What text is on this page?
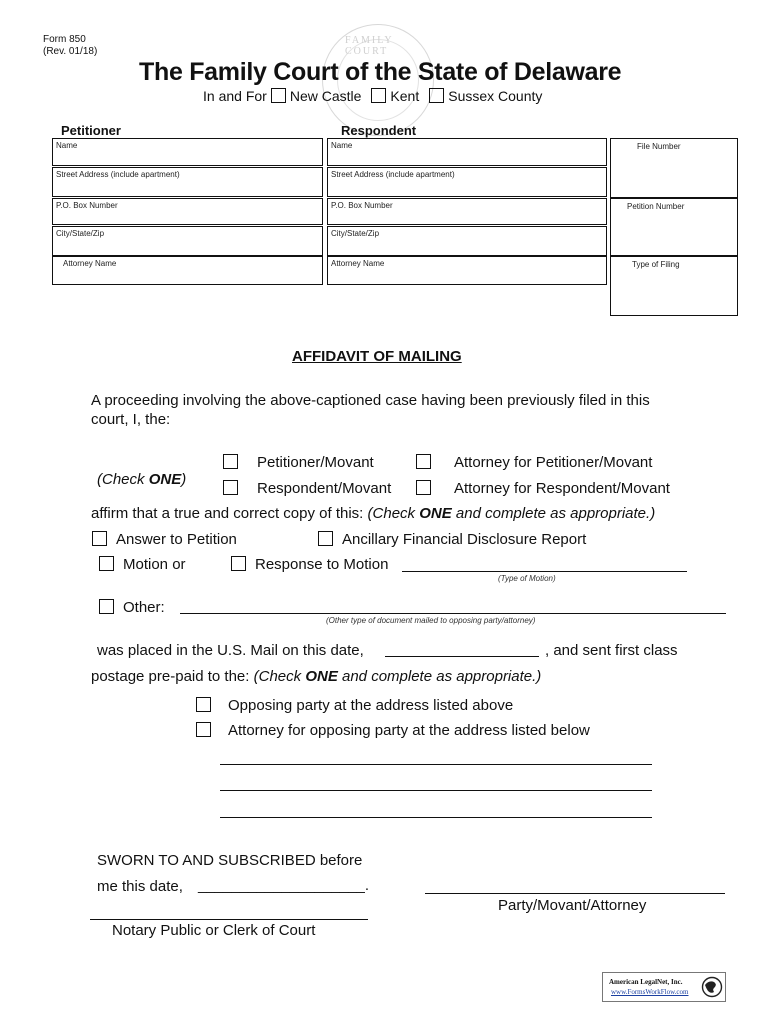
FAMILY COURT
Form 850
(Rev. 01/18)
The Family Court of the State of Delaware
In and For New Castle Kent Sussex County
Petitioner	Respondent
Name
Street Address (include apartment)
P.O. Box Number
City/State/Zip
Attorney Name
Name
Street Address (include apartment)
P.O. Box Number
City/State/Zip
Attorney Name
File Number
Petition Number
Type of Filing
AFFIDAVIT OF MAILING
A proceeding involving the above-captioned case having been previously filed in this
court, I, the:
Petitioner/Movant	Attorney for Petitioner/Movant
(Check ONE)
Respondent/Movant	Attorney for Respondent/Movant
affirm that a true and correct copy of this: (Check ONE and complete as appropriate.)
Answer to Petition	Ancillary Financial Disclosure Report
Motion or	Response to Motion
(Type of Motion)
Other:
(Other type of document mailed to opposing party/attorney)
was placed in the U.S. Mail on this date,	, and sent first class
postage pre-paid to the: (Check ONE and complete as appropriate.)
Opposing party at the address listed above
Attorney for opposing party at the address listed below
SWORN TO AND SUBSCRIBED before
me this date, ____________________.
Party/Movant/Attorney
Notary Public or Clerk of Court
American LegalNet, Inc.
www.FormsWorkFlow.com
